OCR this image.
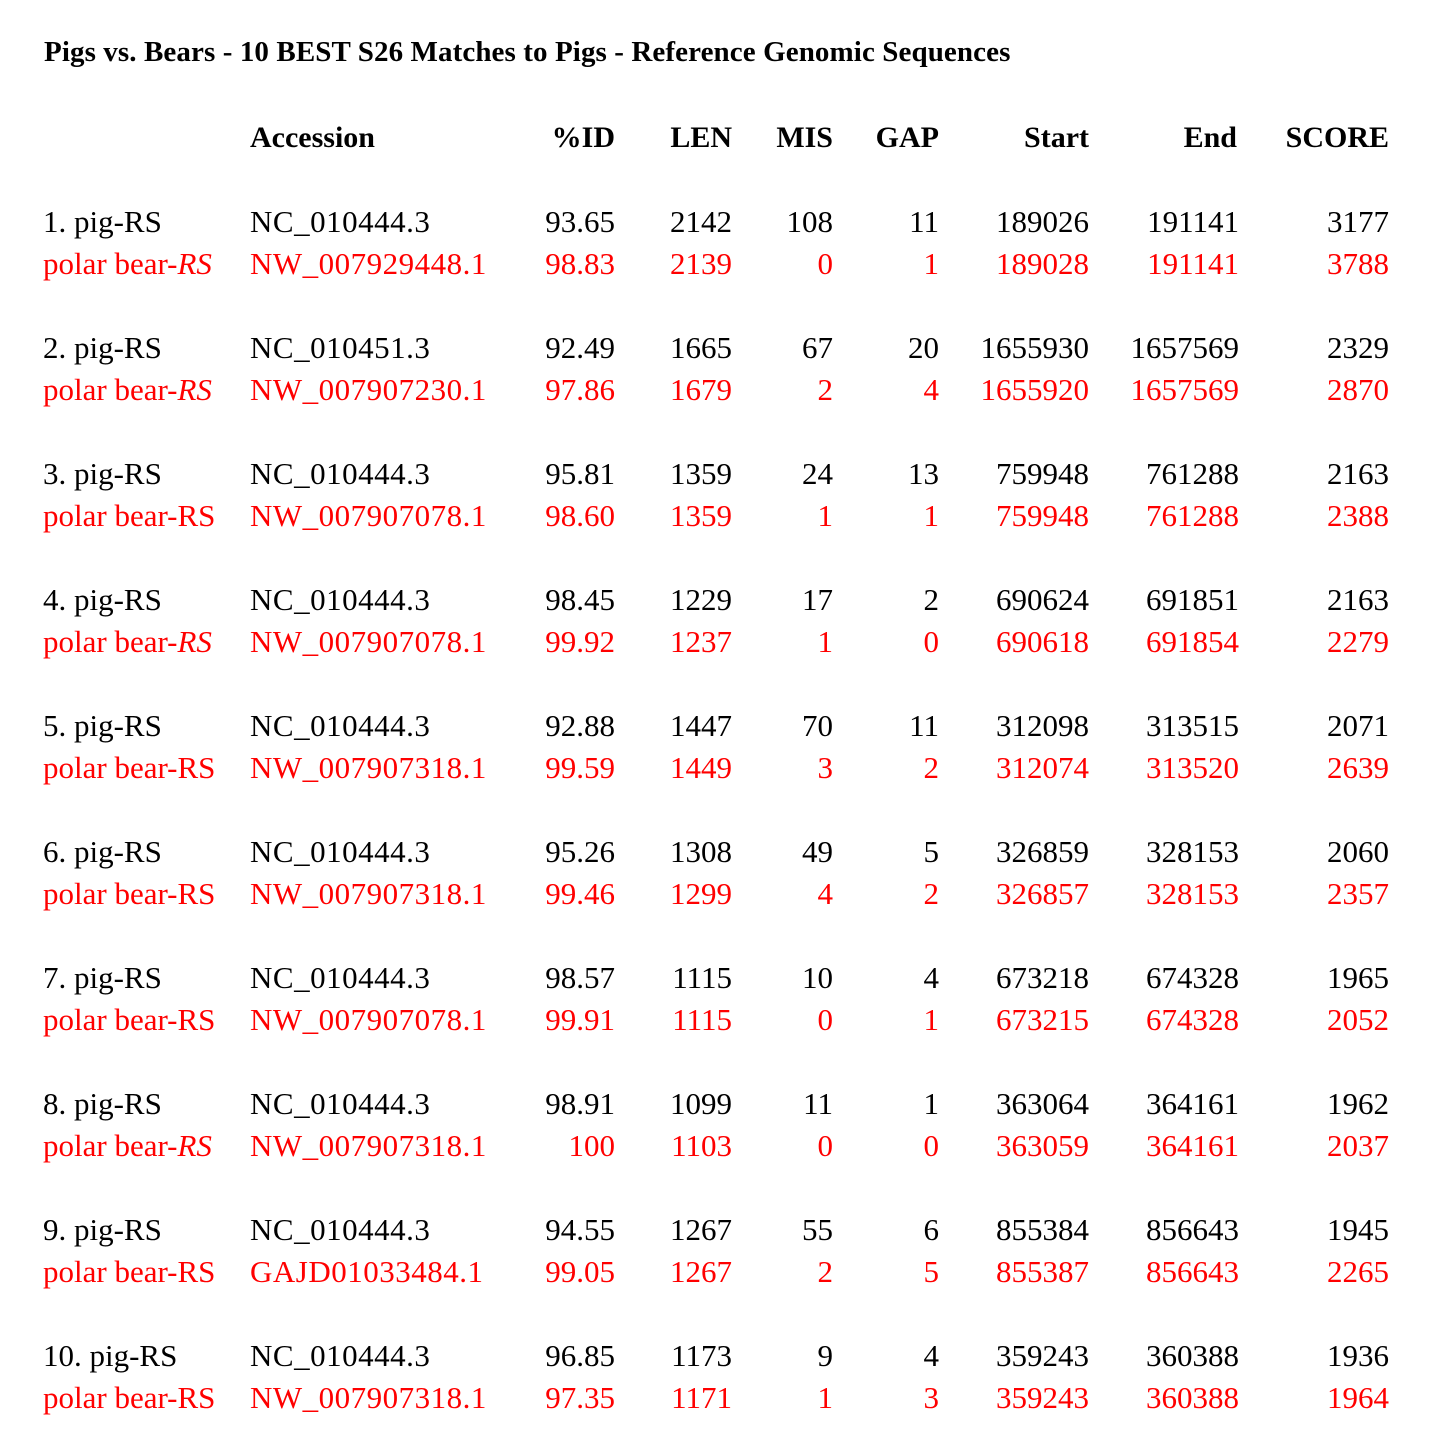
Pigs vs. Bears - 10 BEST S26 Matches to Pigs - Reference Genomic Sequences
Accession	%ID LEN MIS GAP	Start	End SCORE
1. pig-RS	NC_010444.3	93.65 2142 108 11 189026 191141	3177
polar bear-RS NW_007929448.1 98.83 2139	0	1 189028 191141	3788
2. pig-RS	NC_010451.3	92.49 1665 67 20 1655930 1657569	2329
polar bear-RS NW_007907230.1 97.86 1679	2	4 1655920 1657569	2870
3. pig-RS	NC_010444.3	95.81 1359 24 13 759948 761288	2163
polar bear-RS NW_007907078.1 98.60 1359	1	1 759948 761288	2388
4. pig-RS	NC_010444.3	98.45 1229 17	2 690624 691851	2163
polar bear-RS NW_007907078.1 99.92 1237	1	0 690618 691854	2279
5. pig-RS	NC_010444.3	92.88 1447 70 11 312098 313515	2071
polar bear-RS NW_007907318.1 99.59 1449	3	2 312074 313520	2639
6. pig-RS	NC_010444.3	95.26 1308 49	5 326859 328153	2060
polar bear-RS NW_007907318.1 99.46 1299	4	2 326857 328153	2357
7. pig-RS	NC_010444.3	98.57 1115 10	4 673218 674328	1965
polar bear-RS NW_007907078.1 99.91 1115	0	1 673215 674328	2052
8. pig-RS	NC_010444.3	98.91 1099 11	1 363064 364161	1962
polar bear-RS NW_007907318.1	100 1103	0	0 363059 364161	2037
9. pig-RS	NC_010444.3	94.55 1267 55	6 855384 856643	1945
polar bear-RS GAJD01033484.1 99.05 1267	2	5 855387 856643	2265
10. pig-RS NC_010444.3	96.85 1173	9	4 359243 360388	1936
polar bear-RS NW_007907318.1 97.35 1171	1	3 359243 360388	1964
